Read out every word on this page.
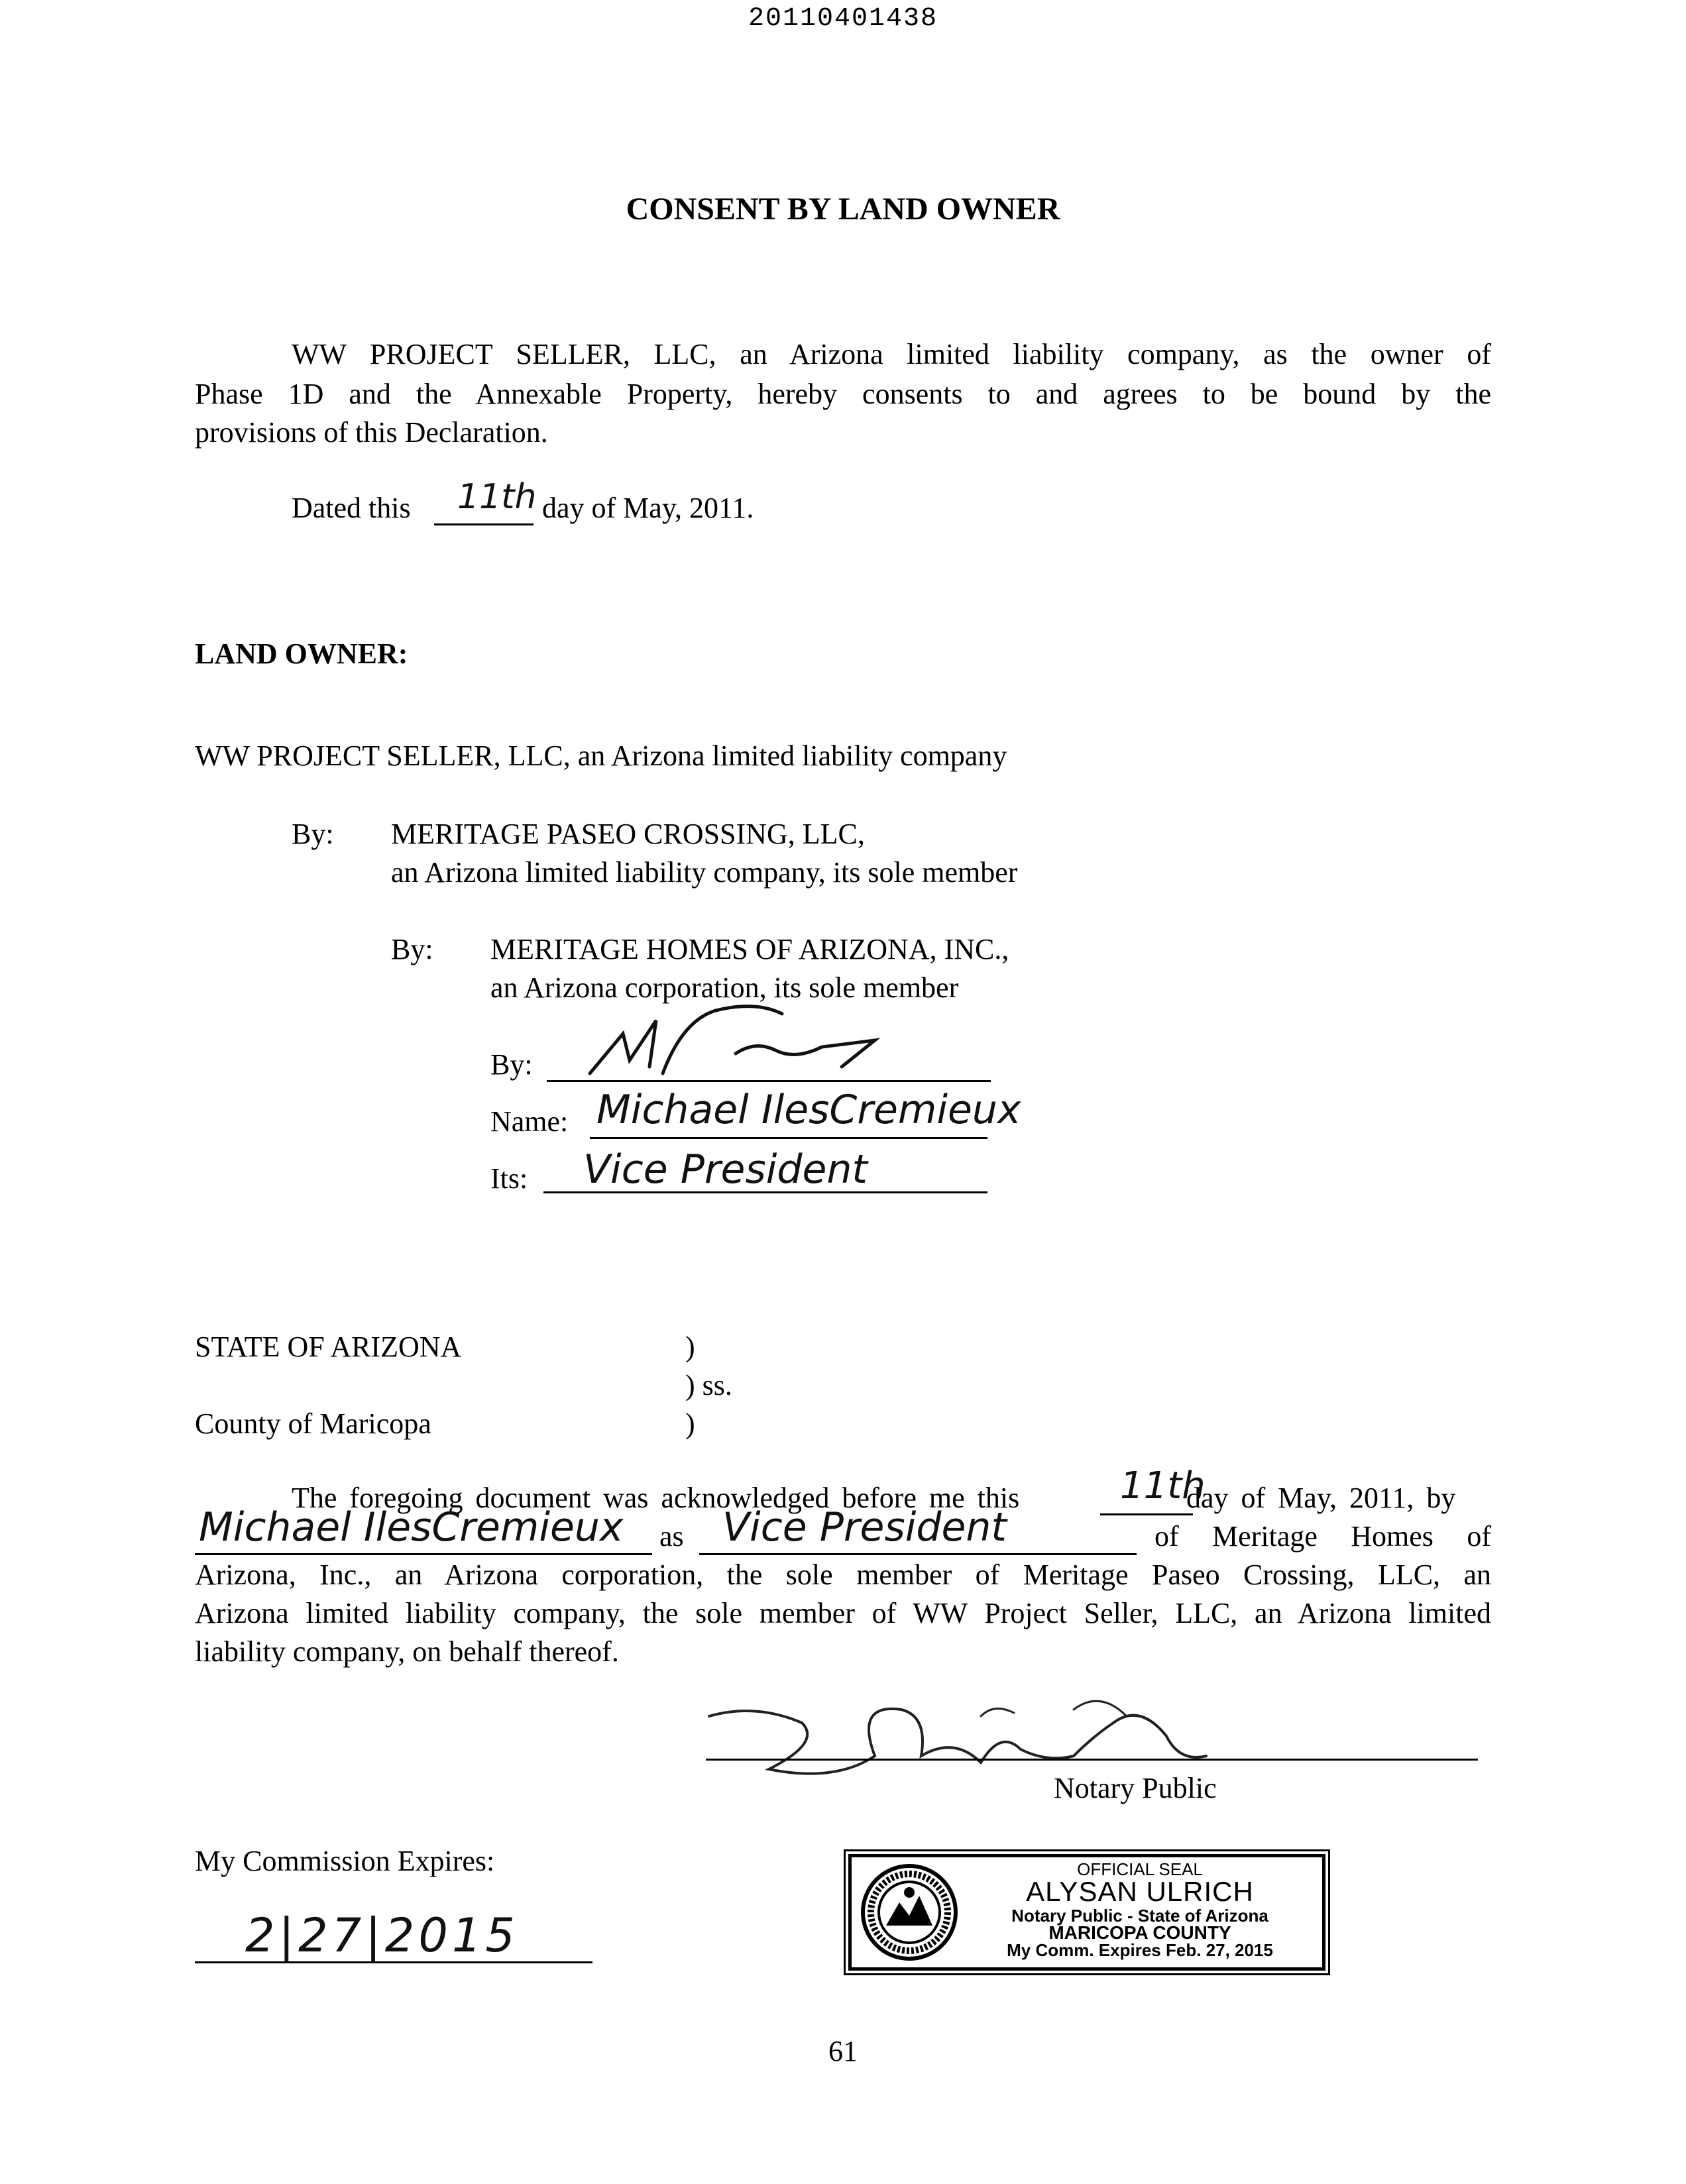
20110401438
CONSENT BY LAND OWNER
WW PROJECT SELLER, LLC, an Arizona limited liability company, as the owner of
Phase 1D and the Annexable Property, hereby consents to and agrees to be bound by the
provisions of this Declaration.
Dated this 11th day of May, 2011.
LAND OWNER:
WW PROJECT SELLER, LLC, an Arizona limited liability company
By: MERITAGE PASEO CROSSING, LLC,
an Arizona limited liability company, its sole member
By: MERITAGE HOMES OF ARIZONA, INC.,
an Arizona corporation, its sole member
By:
Name: Michael IlesCremieux
Its: Vice President
STATE OF ARIZONA	)
) ss.
County of Maricopa	)
The foregoing document was acknowledged before me this	11th
day of May, 2011, by
Michael IlesCremieux as Vice President	of Meritage Homes of
Arizona, Inc., an Arizona corporation, the sole member of Meritage Paseo Crossing, LLC, an
Arizona limited liability company, the sole member of WW Project Seller, LLC, an Arizona limited
liability company, on behalf thereof.
Notary Public
My Commission Expires:
2|27|2015
OFFICIAL SEAL
ALYSAN ULRICH
Notary Public - State of Arizona
MARICOPA COUNTY
My Comm. Expires Feb. 27, 2015
61
